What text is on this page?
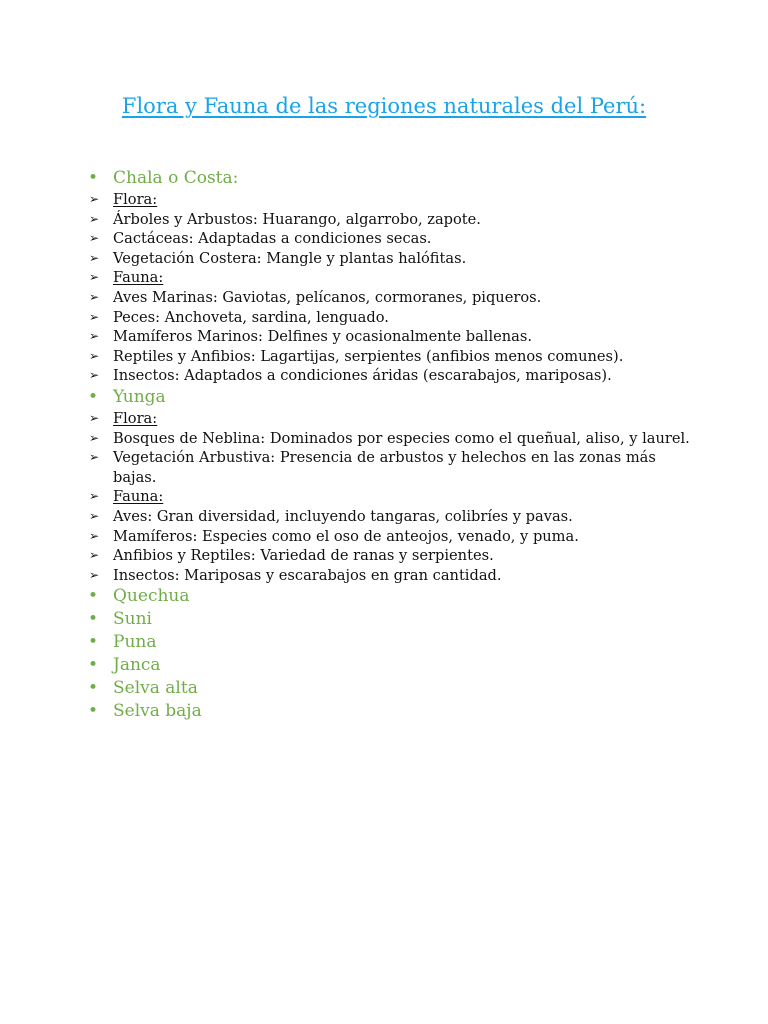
Flora y Fauna de las regiones naturales del Perú:
• Chala o Costa:
➢ Flora:
➢ Árboles y Arbustos: Huarango, algarrobo, zapote.
➢ Cactáceas: Adaptadas a condiciones secas.
➢ Vegetación Costera: Mangle y plantas halófitas.
➢ Fauna:
➢ Aves Marinas: Gaviotas, pelícanos, cormoranes, piqueros.
➢ Peces: Anchoveta, sardina, lenguado.
➢ Mamíferos Marinos: Delfines y ocasionalmente ballenas.
➢ Reptiles y Anfibios: Lagartijas, serpientes (anfibios menos comunes).
➢ Insectos: Adaptados a condiciones áridas (escarabajos, mariposas).
• Yunga
➢ Flora:
➢ Bosques de Neblina: Dominados por especies como el queñual, aliso, y laurel.
➢ Vegetación Arbustiva: Presencia de arbustos y helechos en las zonas más bajas.
➢ Fauna:
➢ Aves: Gran diversidad, incluyendo tangaras, colibríes y pavas.
➢ Mamíferos: Especies como el oso de anteojos, venado, y puma.
➢ Anfibios y Reptiles: Variedad de ranas y serpientes.
➢ Insectos: Mariposas y escarabajos en gran cantidad.
• Quechua
• Suni
• Puna
• Janca
• Selva alta
• Selva baja
